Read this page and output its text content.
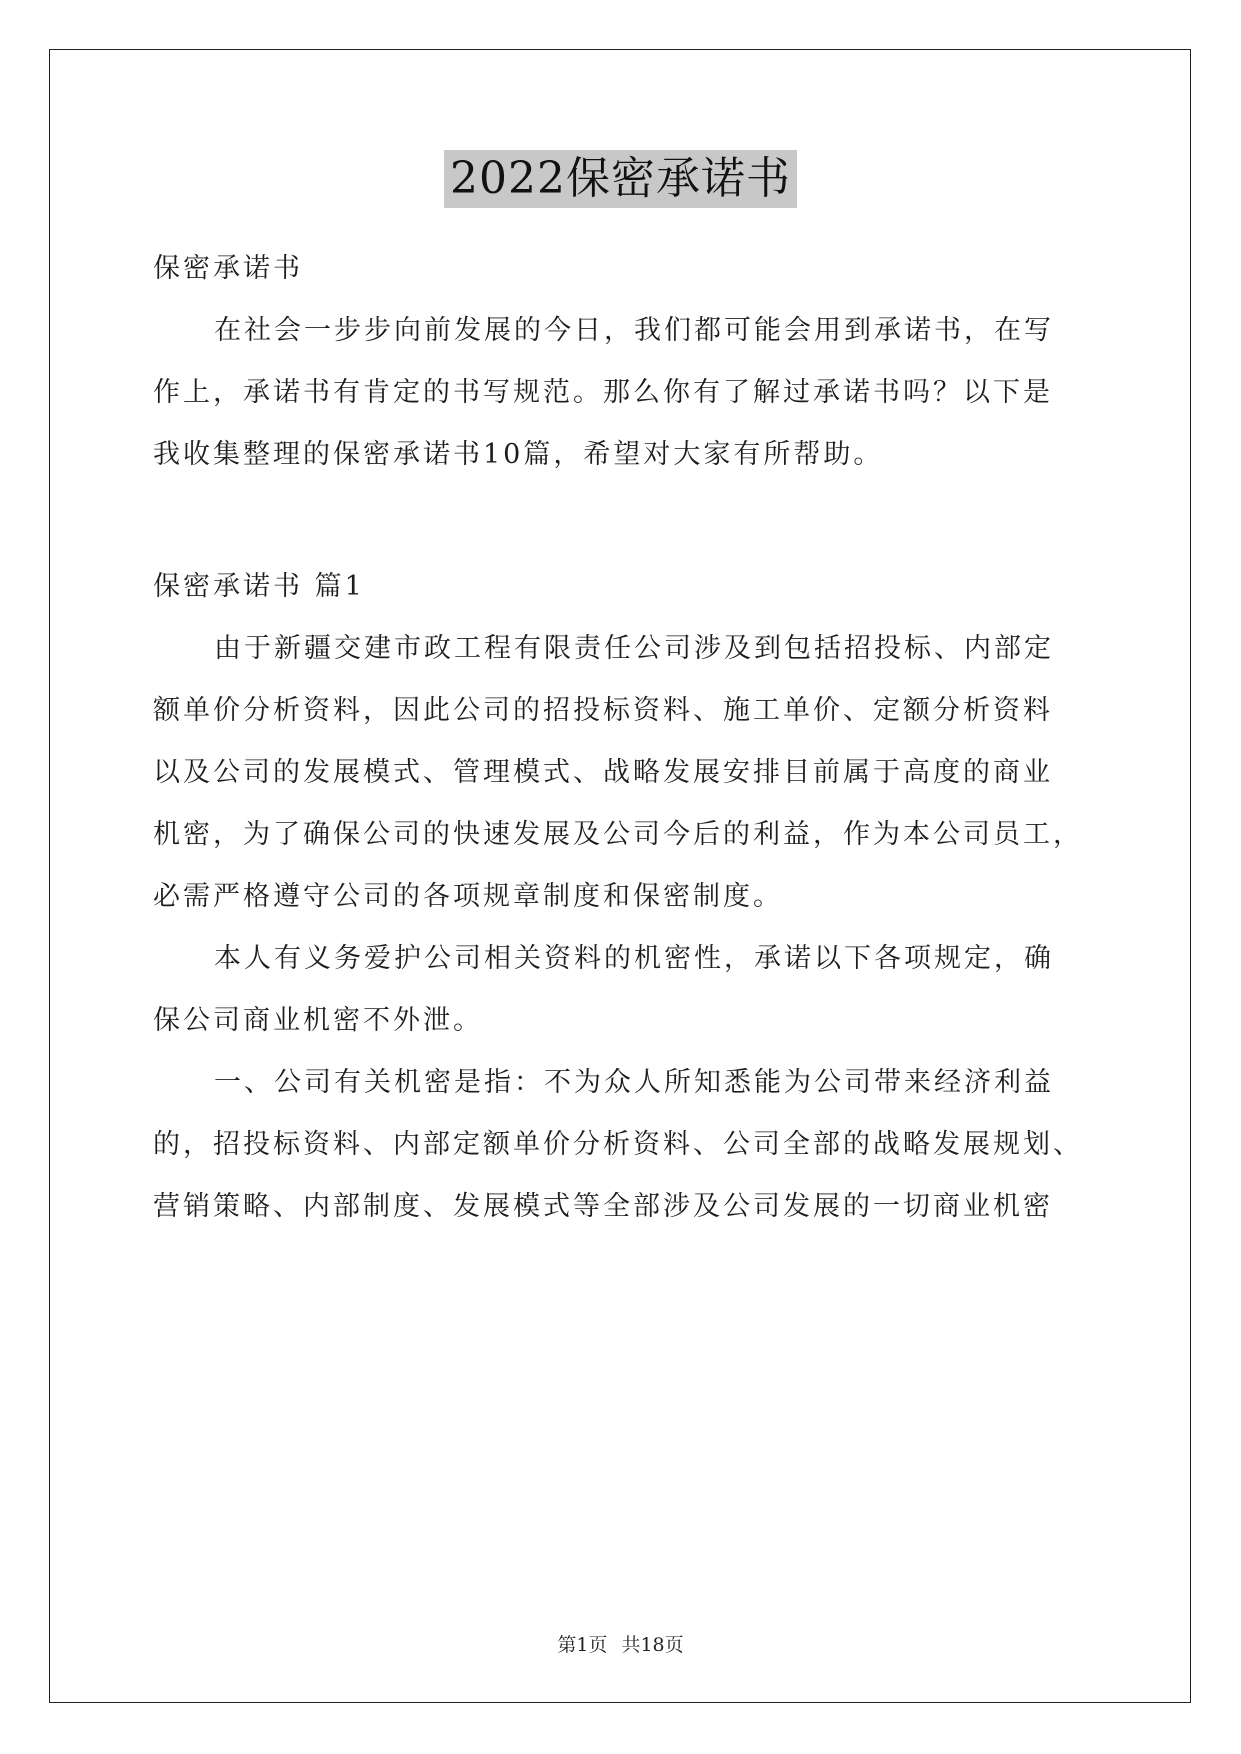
2022保密承诺书
保密承诺书
在社会一步步向前发展的今日，我们都可能会用到承诺书，在写
作上，承诺书有肯定的书写规范。那么你有了解过承诺书吗？以下是
我收集整理的保密承诺书10篇，希望对大家有所帮助。
保密承诺书 篇1
由于新疆交建市政工程有限责任公司涉及到包括招投标、内部定
额单价分析资料，因此公司的招投标资料、施工单价、定额分析资料
以及公司的发展模式、管理模式、战略发展安排目前属于高度的商业
机密，为了确保公司的快速发展及公司今后的利益，作为本公司员工，
必需严格遵守公司的各项规章制度和保密制度。
本人有义务爱护公司相关资料的机密性，承诺以下各项规定，确
保公司商业机密不外泄。
一、公司有关机密是指：不为众人所知悉能为公司带来经济利益
的，招投标资料、内部定额单价分析资料、公司全部的战略发展规划、
营销策略、内部制度、发展模式等全部涉及公司发展的一切商业机密
第1页 共18页
